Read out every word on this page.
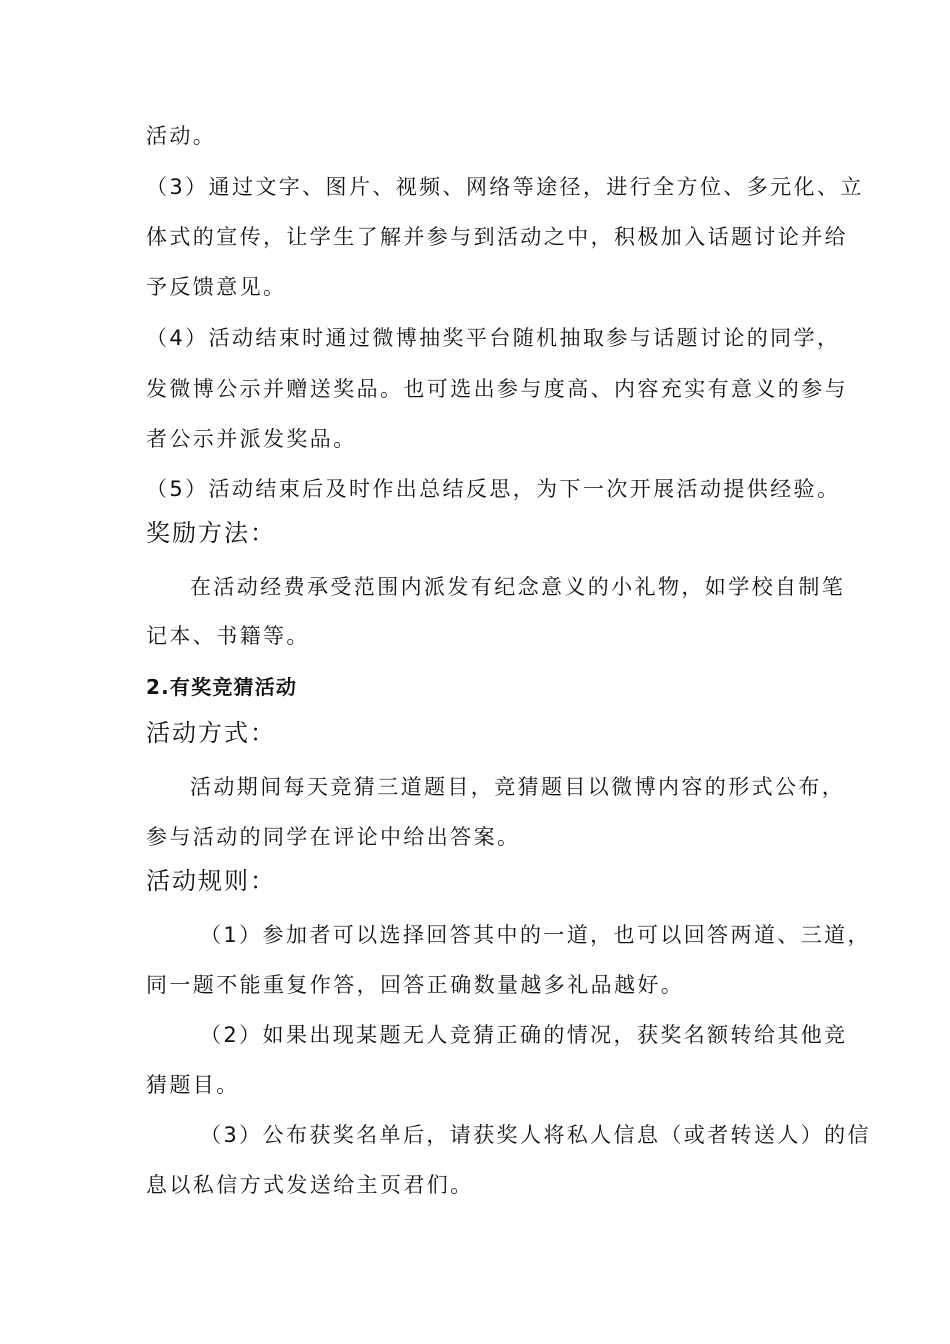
活动。
（3）通过文字、图片、视频、网络等途径，进行全方位、多元化、立
体式的宣传，让学生了解并参与到活动之中，积极加入话题讨论并给
予反馈意见。
（4）活动结束时通过微博抽奖平台随机抽取参与话题讨论的同学，
发微博公示并赠送奖品。也可选出参与度高、内容充实有意义的参与
者公示并派发奖品。
（5）活动结束后及时作出总结反思，为下一次开展活动提供经验。
奖励方法：
在活动经费承受范围内派发有纪念意义的小礼物，如学校自制笔
记本、书籍等。
2.有奖竞猜活动
活动方式：
活动期间每天竞猜三道题目，竞猜题目以微博内容的形式公布，
参与活动的同学在评论中给出答案。
活动规则：
（1）参加者可以选择回答其中的一道，也可以回答两道、三道，
同一题不能重复作答，回答正确数量越多礼品越好。
（2）如果出现某题无人竞猜正确的情况，获奖名额转给其他竞
猜题目。
（3）公布获奖名单后，请获奖人将私人信息（或者转送人）的信
息以私信方式发送给主页君们。
